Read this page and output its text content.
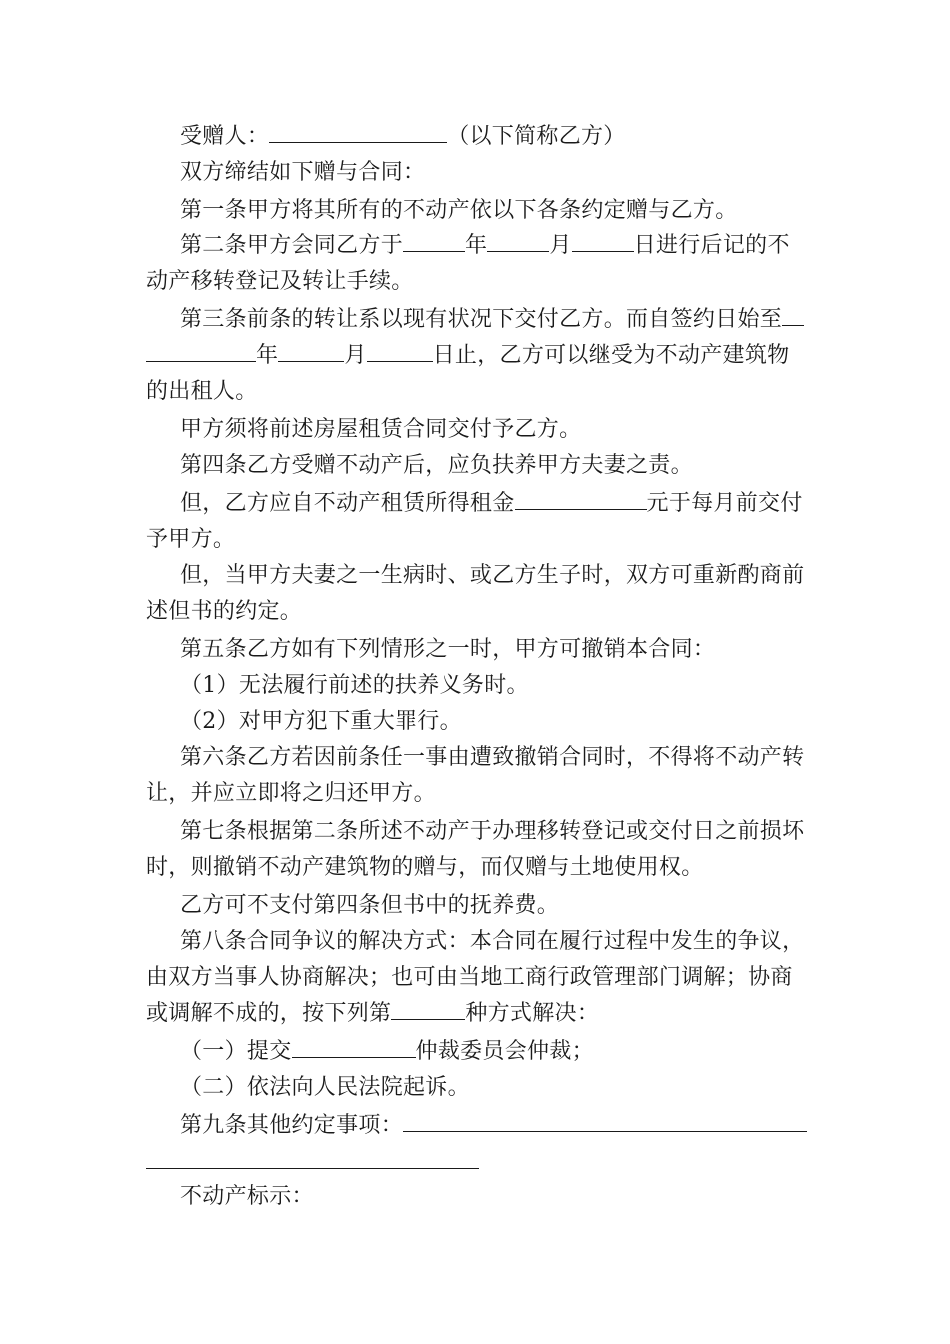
受赠人：	（以下简称乙方）
双方缔结如下赠与合同：
第一条甲方将其所有的不动产依以下各条约定赠与乙方。
第二条甲方会同乙方于	年	月	日进行后记的不
动产移转登记及转让手续。
第三条前条的转让系以现有状况下交付乙方。而自签约日始至
年	月	日止，乙方可以继受为不动产建筑物
的出租人。
甲方须将前述房屋租赁合同交付予乙方。
第四条乙方受赠不动产后，应负扶养甲方夫妻之责。
但，乙方应自不动产租赁所得租金	元于每月前交付
予甲方。
但，当甲方夫妻之一生病时、或乙方生子时，双方可重新酌商前
述但书的约定。
第五条乙方如有下列情形之一时，甲方可撤销本合同：
（1）无法履行前述的扶养义务时。
（2）对甲方犯下重大罪行。
第六条乙方若因前条任一事由遭致撤销合同时，不得将不动产转
让，并应立即将之归还甲方。
第七条根据第二条所述不动产于办理移转登记或交付日之前损坏
时，则撤销不动产建筑物的赠与，而仅赠与土地使用权。
乙方可不支付第四条但书中的抚养费。
第八条合同争议的解决方式：本合同在履行过程中发生的争议，
由双方当事人协商解决；也可由当地工商行政管理部门调解；协商
或调解不成的，按下列第	种方式解决：
（一）提交	仲裁委员会仲裁；
（二）依法向人民法院起诉。
第九条其他约定事项：
不动产标示：
